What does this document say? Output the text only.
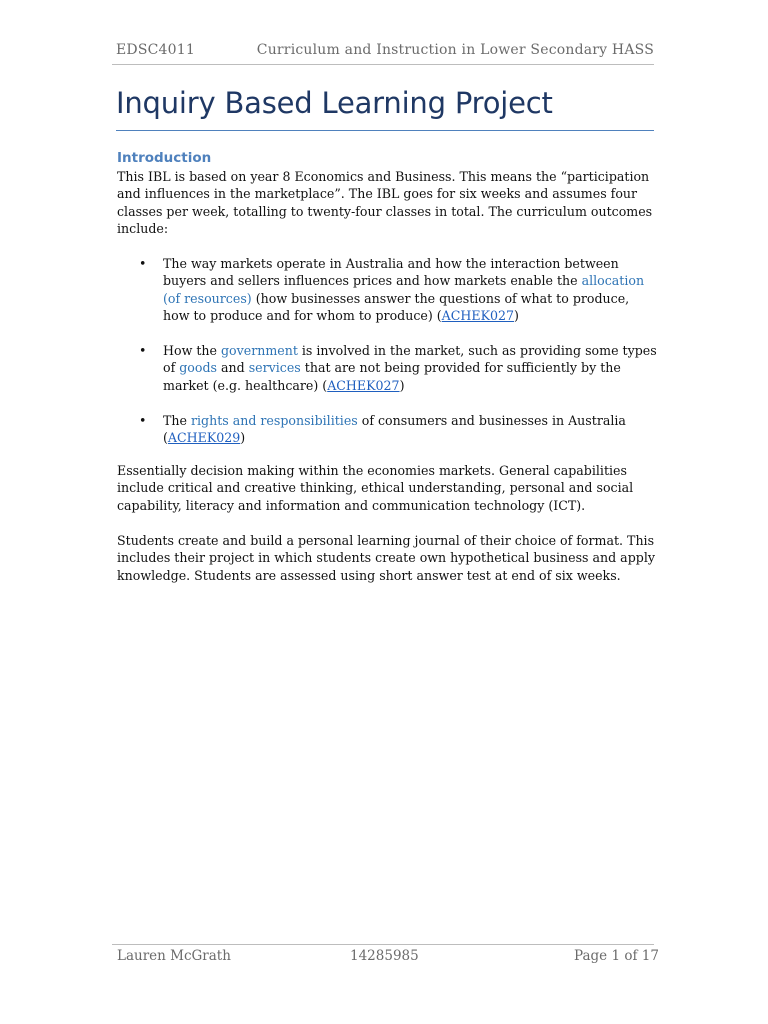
EDSC4011	Curriculum and Instruction in Lower Secondary HASS
Inquiry Based Learning Project
Introduction

This IBL is based on year 8 Economics and Business. This means the “participation and influences in the marketplace”. The IBL goes for six weeks and assumes four classes per week, totalling to twenty-four classes in total. The curriculum outcomes include:

• The way markets operate in Australia and how the interaction between buyers and sellers influences prices and how markets enable the allocation (of resources) (how businesses answer the questions of what to produce, how to produce and for whom to produce) (ACHEK027)
• How the government is involved in the market, such as providing some types of goods and services that are not being provided for sufficiently by the market (e.g. healthcare) (ACHEK027)
• The rights and responsibilities of consumers and businesses in Australia (ACHEK029)

Essentially decision making within the economies markets. General capabilities include critical and creative thinking, ethical understanding, personal and social capability, literacy and information and communication technology (ICT).

Students create and build a personal learning journal of their choice of format. This includes their project in which students create own hypothetical business and apply knowledge. Students are assessed using short answer test at end of six weeks.

Lauren McGrath	14285985	Page 1 of 17
